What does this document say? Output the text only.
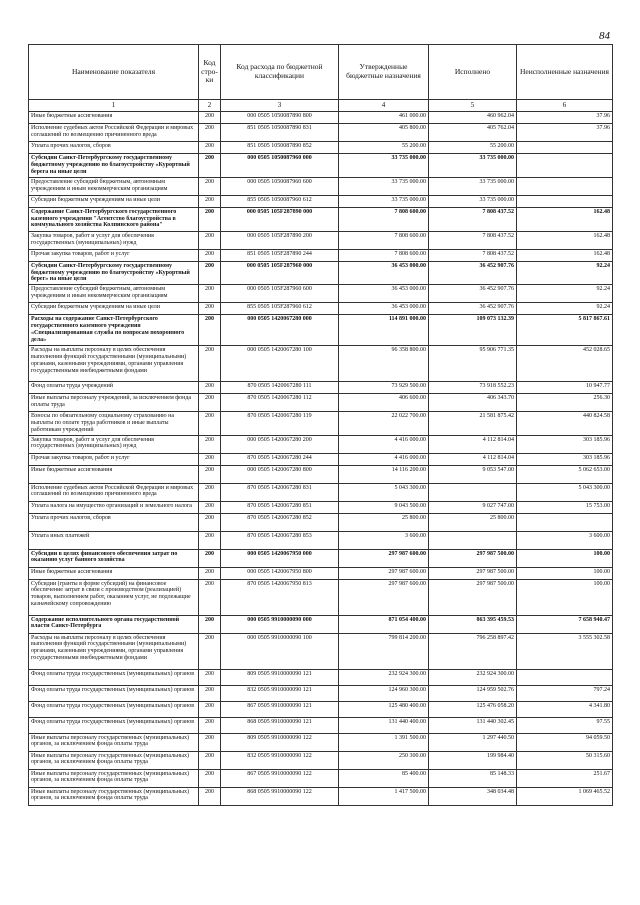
84
Наименование показателя	Код стро-ки	Код расхода по бюджетной классификации	Утвержденные бюджетные назначения	Исполнено	Неисполненные назначения
1	2	3	4	5	6
Иные бюджетные ассигнования	200	000 0505 1050087890 800	461 000.00	460 962.04	37.96
Исполнение судебных актов Российской Федерации и мировых соглашений по возмещению причиненного вреда	200	851 0505 1050087890 831	405 800.00	405 762.04	37.96
Уплата прочих налогов, сборов	200	851 0505 1050087890 852	55 200.00	55 200.00	
Субсидии Санкт-Петербургскому государственному бюджетному учреждению по благоустройству «Курортный берега на иные цели	200	000 0505 1050087960 000	33 735 000.00	33 735 000.00	
Предоставление субсидий бюджетным, автономным учреждениям и иным некоммерческим организациям	200	000 0505 1050087960 600	33 735 000.00	33 735 000.00	
Субсидии бюджетным учреждениям на иные цели	200	855 0505 1050087960 612	33 735 000.00	33 735 000.00	
Содержание Санкт-Петербургского государственного казенного учреждения "Агентство благоустройства в коммунального хозяйства Колпинского района"	200	000 0505 105F287890 000	7 808 600.00	7 808 437.52	162.48
Закупка товаров, работ и услуг для обеспечения государственных (муниципальных) нужд	200	000 0505 105F287890 200	7 808 600.00	7 808 437.52	162.48
Прочая закупка товаров, работ и услуг	200	851 0505 105F287890 244	7 808 600.00	7 808 437.52	162.48
Субсидии Санкт-Петербургскому государственному бюджетному учреждению по благоустройству «Курортный берег» на иные цели	200	000 0505 105F287960 000	36 453 000.00	36 452 907.76	92.24
Предоставление субсидий бюджетным, автономным учреждениям и иным некоммерческим организациям	200	000 0505 105F287960 600	36 453 000.00	36 452 907.76	92.24
Субсидии бюджетным учреждениям на иные цели	200	855 0505 105F287960 612	36 453 000.00	36 452 907.76	92.24
Расходы на содержание Санкт-Петербургского государственного казенного учреждения «Специализированная служба по вопросам похоронного дела»	200	000 0505 1420067280 000	114 891 000.00	109 073 132.39	5 817 867.61
Расходы на выплаты персоналу в целях обеспечения выполнения функций государственными (муниципальными) органами, казенными учреждениями, органами управления государственными внебюджетными фондами	200	000 0505 1420067280 100	96 358 800.00	95 906 771.35	452 028.65
Фонд оплаты труда учреждений	200	870 0505 1420067280 111	73 929 500.00	73 918 552.23	10 947.77
Иные выплаты персоналу учреждений, за исключением фонда оплаты труда	200	870 0505 1420067280 112	406 600.00	406 343.70	256.30
Взносы по обязательному социальному страхованию на выплаты по оплате труда работников и иные выплаты работникам учреждений	200	870 0505 1420067280 119	22 022 700.00	21 581 875.42	440 824.58
Закупка товаров, работ и услуг для обеспечения государственных (муниципальных) нужд	200	000 0505 1420067280 200	4 416 000.00	4 112 814.04	303 185.96
Прочая закупка товаров, работ и услуг	200	870 0505 1420067280 244	4 416 000.00	4 112 814.04	303 185.96
Иные бюджетные ассигнования	200	000 0505 1420067280 800	14 116 200.00	9 053 547.00	5 062 653.00
Исполнение судебных актов Российской Федерации и мировых соглашений по возмещению причиненного вреда	200	870 0505 1420067280 831	5 043 300.00		5 043 300.00
Уплата налога на имущество организаций и земельного налога	200	870 0505 1420067280 851	9 043 500.00	9 027 747.00	15 753.00
Уплата прочих налогов, сборов	200	870 0505 1420067280 852	25 800.00	25 800.00	
Уплата иных платежей	200	870 0505 1420067280 853	3 600.00		3 600.00
Субсидии в целях финансового обеспечения затрат по оказанию услуг банного хозяйства	200	000 0505 1420067950 000	297 987 600.00	297 987 500.00	100.00
Иные бюджетные ассигнования	200	000 0505 1420067950 800	297 987 600.00	297 987 500.00	100.00
Субсидии (гранты в форме субсидий) на финансовое обеспечение затрат в связи с производством (реализацией) товаров, выполнением работ, оказанием услуг, не подлежащие казначейскому сопровождению	200	870 0505 1420067950 813	297 987 600.00	297 987 500.00	100.00
Содержание исполнительного органа государственной власти Санкт-Петербурга	200	000 0505 9910000090 000	871 054 400.00	863 395 459.53	7 658 940.47
Расходы на выплаты персоналу в целях обеспечения выполнения функций государственными (муниципальными) органами, казенными учреждениями, органами управления государственными внебюджетными фондами	200	000 0505 9910000090 100	799 814 200.00	796 258 897.42	3 555 302.58
Фонд оплаты труда государственных (муниципальных) органов	200	809 0505 9910000090 121	232 924 300.00	232 924 300.00	
Фонд оплаты труда государственных (муниципальных) органов	200	832 0505 9910000090 121	124 960 300.00	124 959 502.76	797.24
Фонд оплаты труда государственных (муниципальных) органов	200	867 0505 9910000090 121	125 480 400.00	125 476 058.20	4 341.80
Фонд оплаты труда государственных (муниципальных) органов	200	868 0505 9910000090 121	131 440 400.00	131 440 302.45	97.55
Иные выплаты персоналу государственных (муниципальных) органов, за исключением фонда оплаты труда	200	809 0505 9910000090 122	1 391 500.00	1 297 440.50	94 059.50
Иные выплаты персоналу государственных (муниципальных) органов, за исключением фонда оплаты труда	200	832 0505 9910000090 122	250 300.00	199 984.40	50 315.60
Иные выплаты персоналу государственных (муниципальных) органов, за исключением фонда оплаты труда	200	867 0505 9910000090 122	85 400.00	85 148.33	251.67
Иные выплаты персоналу государственных (муниципальных) органов, за исключением фонда оплаты труда	200	868 0505 9910000090 122	1 417 500.00	348 034.48	1 069 465.52
